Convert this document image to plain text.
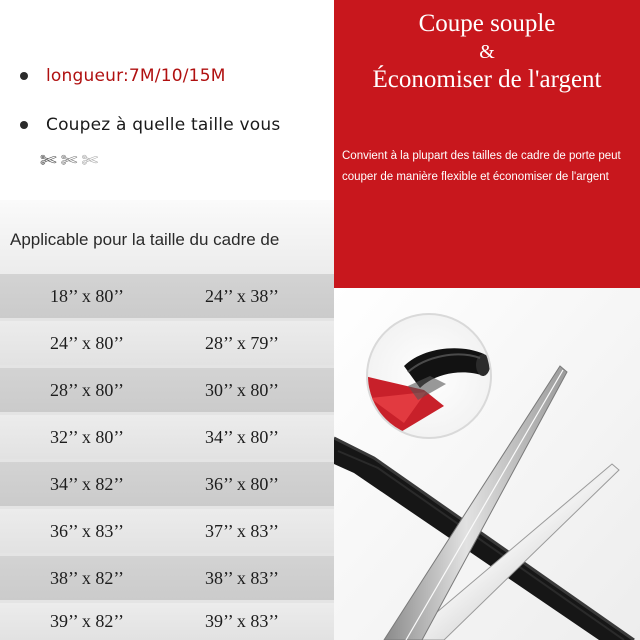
longueur:7M/10/15M
Coupez à quelle taille vous
✄ ✄ ✄
Applicable pour la taille du cadre de
18’’ x 80’’	24’’ x 38’’
24’’ x 80’’	28’’ x 79’’
28’’ x 80’’	30’’ x 80’’
32’’ x 80’’	34’’ x 80’’
34’’ x 82’’	36’’ x 80’’
36’’ x 83’’	37’’ x 83’’
38’’ x 82’’	38’’ x 83’’
39’’ x 82’’	39’’ x 83’’
Coupe souple
&
Économiser de l'argent
Convient à la plupart des tailles de cadre de porte peut couper de manière flexible et économiser de l'argent
